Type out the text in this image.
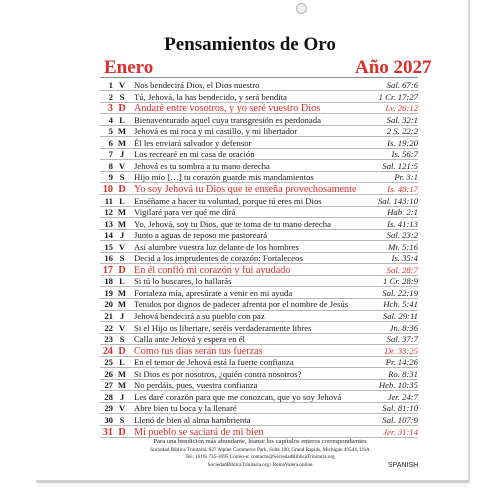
Pensamientos de Oro
Enero	Año 2027
1 V	Nos bendecirá Dios, el Dios nuestro	Sal. 67:6
2 S	Tú, Jehová, la has bendecido, y será bendita	1 Cr. 17:27
3 D Andaré entre vosotros, y yo seré vuestro Dios	Lv. 26:12
4 L	Bienaventurado aquel cuya transgresión es perdonada	Sal. 32:1
5 M Jehová es mi roca y mi castillo, y mi libertador	2 S. 22:2
6 M Él les enviará salvador y defensor	Is. 19:20
7 J	Los recrearé en mi casa de oración	Is. 56:7
8 V	Jehová es tu sombra a tu mano derecha	Sal. 121:5
9 S	Hijo mío […] tu corazón guarde mis mandamientos	Pr. 3:1
10 D Yo soy Jehová tu Dios que te enseña provechosamente	Is. 48:17
11 L	Enséñame a hacer tu voluntad, porque tú eres mi Dios	Sal. 143:10
12 M Vigilaré para ver qué me dirá	Hab. 2:1
13 M Yo, Jehová, soy tu Dios, que te toma de tu mano derecha	Is. 41:13
14 J	Junto a aguas de reposo me pastoreará	Sal. 23:2
15 V	Así alumbre vuestra luz delante de los hombres	Mt. 5:16
16 S	Decid a los imprudentes de corazón: Fortaleceos	Is. 35:4
17 D En él confió mi corazón y fui ayudado	Sal. 28:7
18 L	Si tú lo buscares, lo hallarás	1 Cr. 28:9
19 M Fortaleza mía, apresúrate a venir en mi ayuda	Sal. 22:19
20 M Tenidos por dignos de padecer afrenta por el nombre de Jesús	Hch. 5:41
21 J	Jehová bendecirá a su pueblo con paz	Sal. 29:11
22 V	Si el Hijo os libertare, seréis verdaderamente libres	Jn. 8:36
23 S	Calla ante Jehová y espera en él	Sal. 37:7
24 D Como tus días serán tus fuerzas	Dt. 33:25
25 L	En el temor de Jehová está la fuerte confianza	Pr. 14:26
26 M Si Dios es por nosotros, ¿quién contra nosotros?	Ro. 8:31
27 M No perdáis, pues, vuestra confianza	Heb. 10:35
28 J	Les daré corazón para que me conozcan, que yo soy Jehová	Jer. 24:7
29 V	Abre bien tu boca y la llenaré	Sal. 81:10
30 S	Llenó de bien al alma hambrienta	Sal. 107:9
31 D Mi pueblo se saciará de mi bien	Jer. 31:14
Para una bendición más abundante, léanse los capítulos enteros correspondientes
Sociedad Bíblica Trinitaria, 927 Alpine Commerce Park, Suite 100, Grand Rapids, Michigan 49544, USA
Tel.: (616) 735-3695 Correo-e: contacto@SociedadBiblicaTrinitaria.org
SociedadBiblicaTrinitaria.org | ReinaValera.online	SPANISH
